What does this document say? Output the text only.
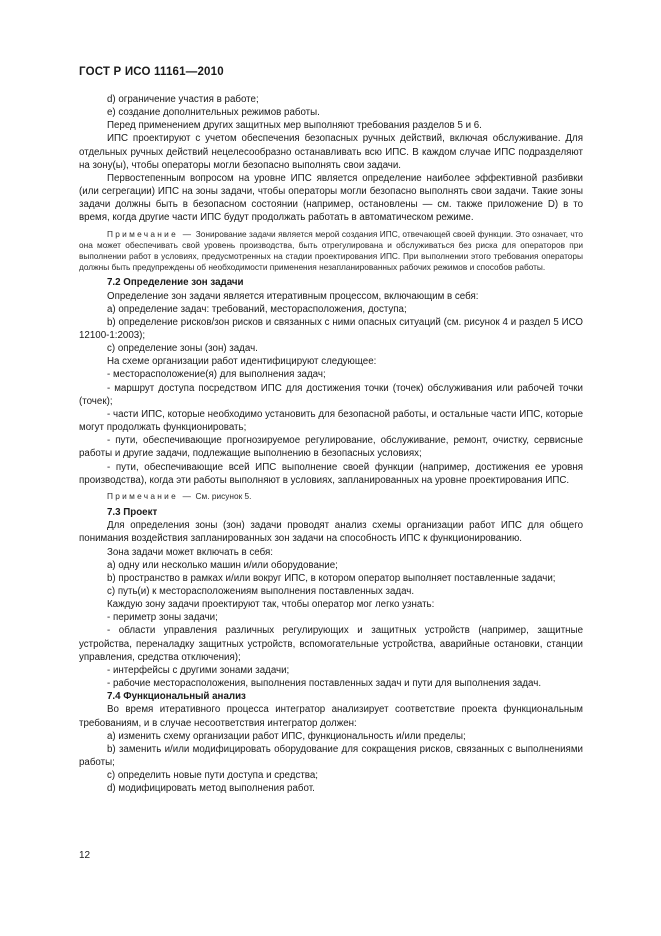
ГОСТ Р ИСО 11161—2010

d) ограничение участия в работе;

e) создание дополнительных режимов работы.

Перед применением других защитных мер выполняют требования разделов 5 и 6.

ИПС проектируют с учетом обеспечения безопасных ручных действий, включая обслуживание. Для отдельных ручных действий нецелесообразно останавливать всю ИПС. В каждом случае ИПС подразделяют на зону(ы), чтобы операторы могли безопасно выполнять свои задачи.

Первостепенным вопросом на уровне ИПС является определение наиболее эффективной разбивки (или сегрегации) ИПС на зоны задачи, чтобы операторы могли безопасно выполнять свои задачи. Такие зоны задачи должны быть в безопасном состоянии (например, остановлены — см. также приложение D) в то время, когда другие части ИПС будут продолжать работать в автоматическом режиме.

Примечание — Зонирование задачи является мерой создания ИПС, отвечающей своей функции. Это означает, что она может обеспечивать свой уровень производства, быть отрегулирована и обслуживаться без риска для операторов при выполнении работ в условиях, предусмотренных на стадии проектирования ИПС. При выполнении этого требования операторы должны быть предупреждены об необходимости применения незапланированных рабочих режимов и способов работы.

7.2 Определение зон задачи

Определение зон задачи является итеративным процессом, включающим в себя:

a) определение задач: требований, месторасположения, доступа;

b) определение рисков/зон рисков и связанных с ними опасных ситуаций (см. рисунок 4 и раздел 5 ИСО 12100-1:2003);

c) определение зоны (зон) задач.

На схеме организации работ идентифицируют следующее:

- месторасположение(я) для выполнения задач;

- маршрут доступа посредством ИПС для достижения точки (точек) обслуживания или рабочей точки (точек);

- части ИПС, которые необходимо установить для безопасной работы, и остальные части ИПС, которые могут продолжать функционировать;

- пути, обеспечивающие прогнозируемое регулирование, обслуживание, ремонт, очистку, сервисные работы и другие задачи, подлежащие выполнению в безопасных условиях;

- пути, обеспечивающие всей ИПС выполнение своей функции (например, достижения ее уровня производства), когда эти работы выполняют в условиях, запланированных на уровне проектирования ИПС.

Примечание — См. рисунок 5.

7.3 Проект

Для определения зоны (зон) задачи проводят анализ схемы организации работ ИПС для общего понимания воздействия запланированных зон задачи на способность ИПС к функционированию.

Зона задачи может включать в себя:

a) одну или несколько машин и/или оборудование;

b) пространство в рамках и/или вокруг ИПС, в котором оператор выполняет поставленные задачи;

c) путь(и) к месторасположениям выполнения поставленных задач.

Каждую зону задачи проектируют так, чтобы оператор мог легко узнать:

- периметр зоны задачи;

- области управления различных регулирующих и защитных устройств (например, защитные устройства, переналадку защитных устройств, вспомогательные устройства, аварийные остановки, станции управления, средства отключения);

- интерфейсы с другими зонами задачи;

- рабочие месторасположения, выполнения поставленных задач и пути для выполнения задач.

7.4 Функциональный анализ

Во время итеративного процесса интегратор анализирует соответствие проекта функциональным требованиям, и в случае несоответствия интегратор должен:

a) изменить схему организации работ ИПС, функциональность и/или пределы;

b) заменить и/или модифицировать оборудование для сокращения рисков, связанных с выполнениями работы;

c) определить новые пути доступа и средства;

d) модифицировать метод выполнения работ.

12
